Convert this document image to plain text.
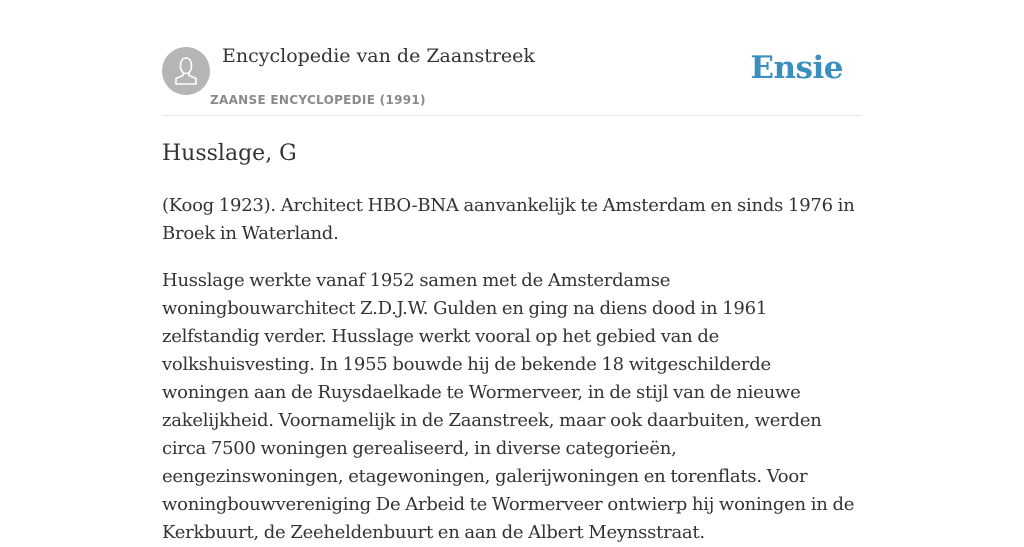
Encyclopedie van de Zaanstreek
ZAANSE ENCYCLOPEDIE (1991)
Ensie
Husslage, G

(Koog 1923). Architect HBO-BNA aanvankelijk te Amsterdam en sinds 1976 in Broek in Waterland.

Husslage werkte vanaf 1952 samen met de Amsterdamse woningbouwarchitect Z.D.J.W. Gulden en ging na diens dood in 1961 zelfstandig verder. Husslage werkt vooral op het gebied van de volkshuisvesting. In 1955 bouwde hij de bekende 18 witgeschilderde woningen aan de Ruysdaelkade te Wormerveer, in de stijl van de nieuwe zakelijkheid. Voornamelijk in de Zaanstreek, maar ook daarbuiten, werden circa 7500 woningen gerealiseerd, in diverse categorieën, eengezinswoningen, etagewoningen, galerijwoningen en torenflats. Voor woningbouwvereniging De Arbeid te Wormerveer ontwierp hij woningen in de Kerkbuurt, de Zeeheldenbuurt en aan de Albert Meynsstraat.
